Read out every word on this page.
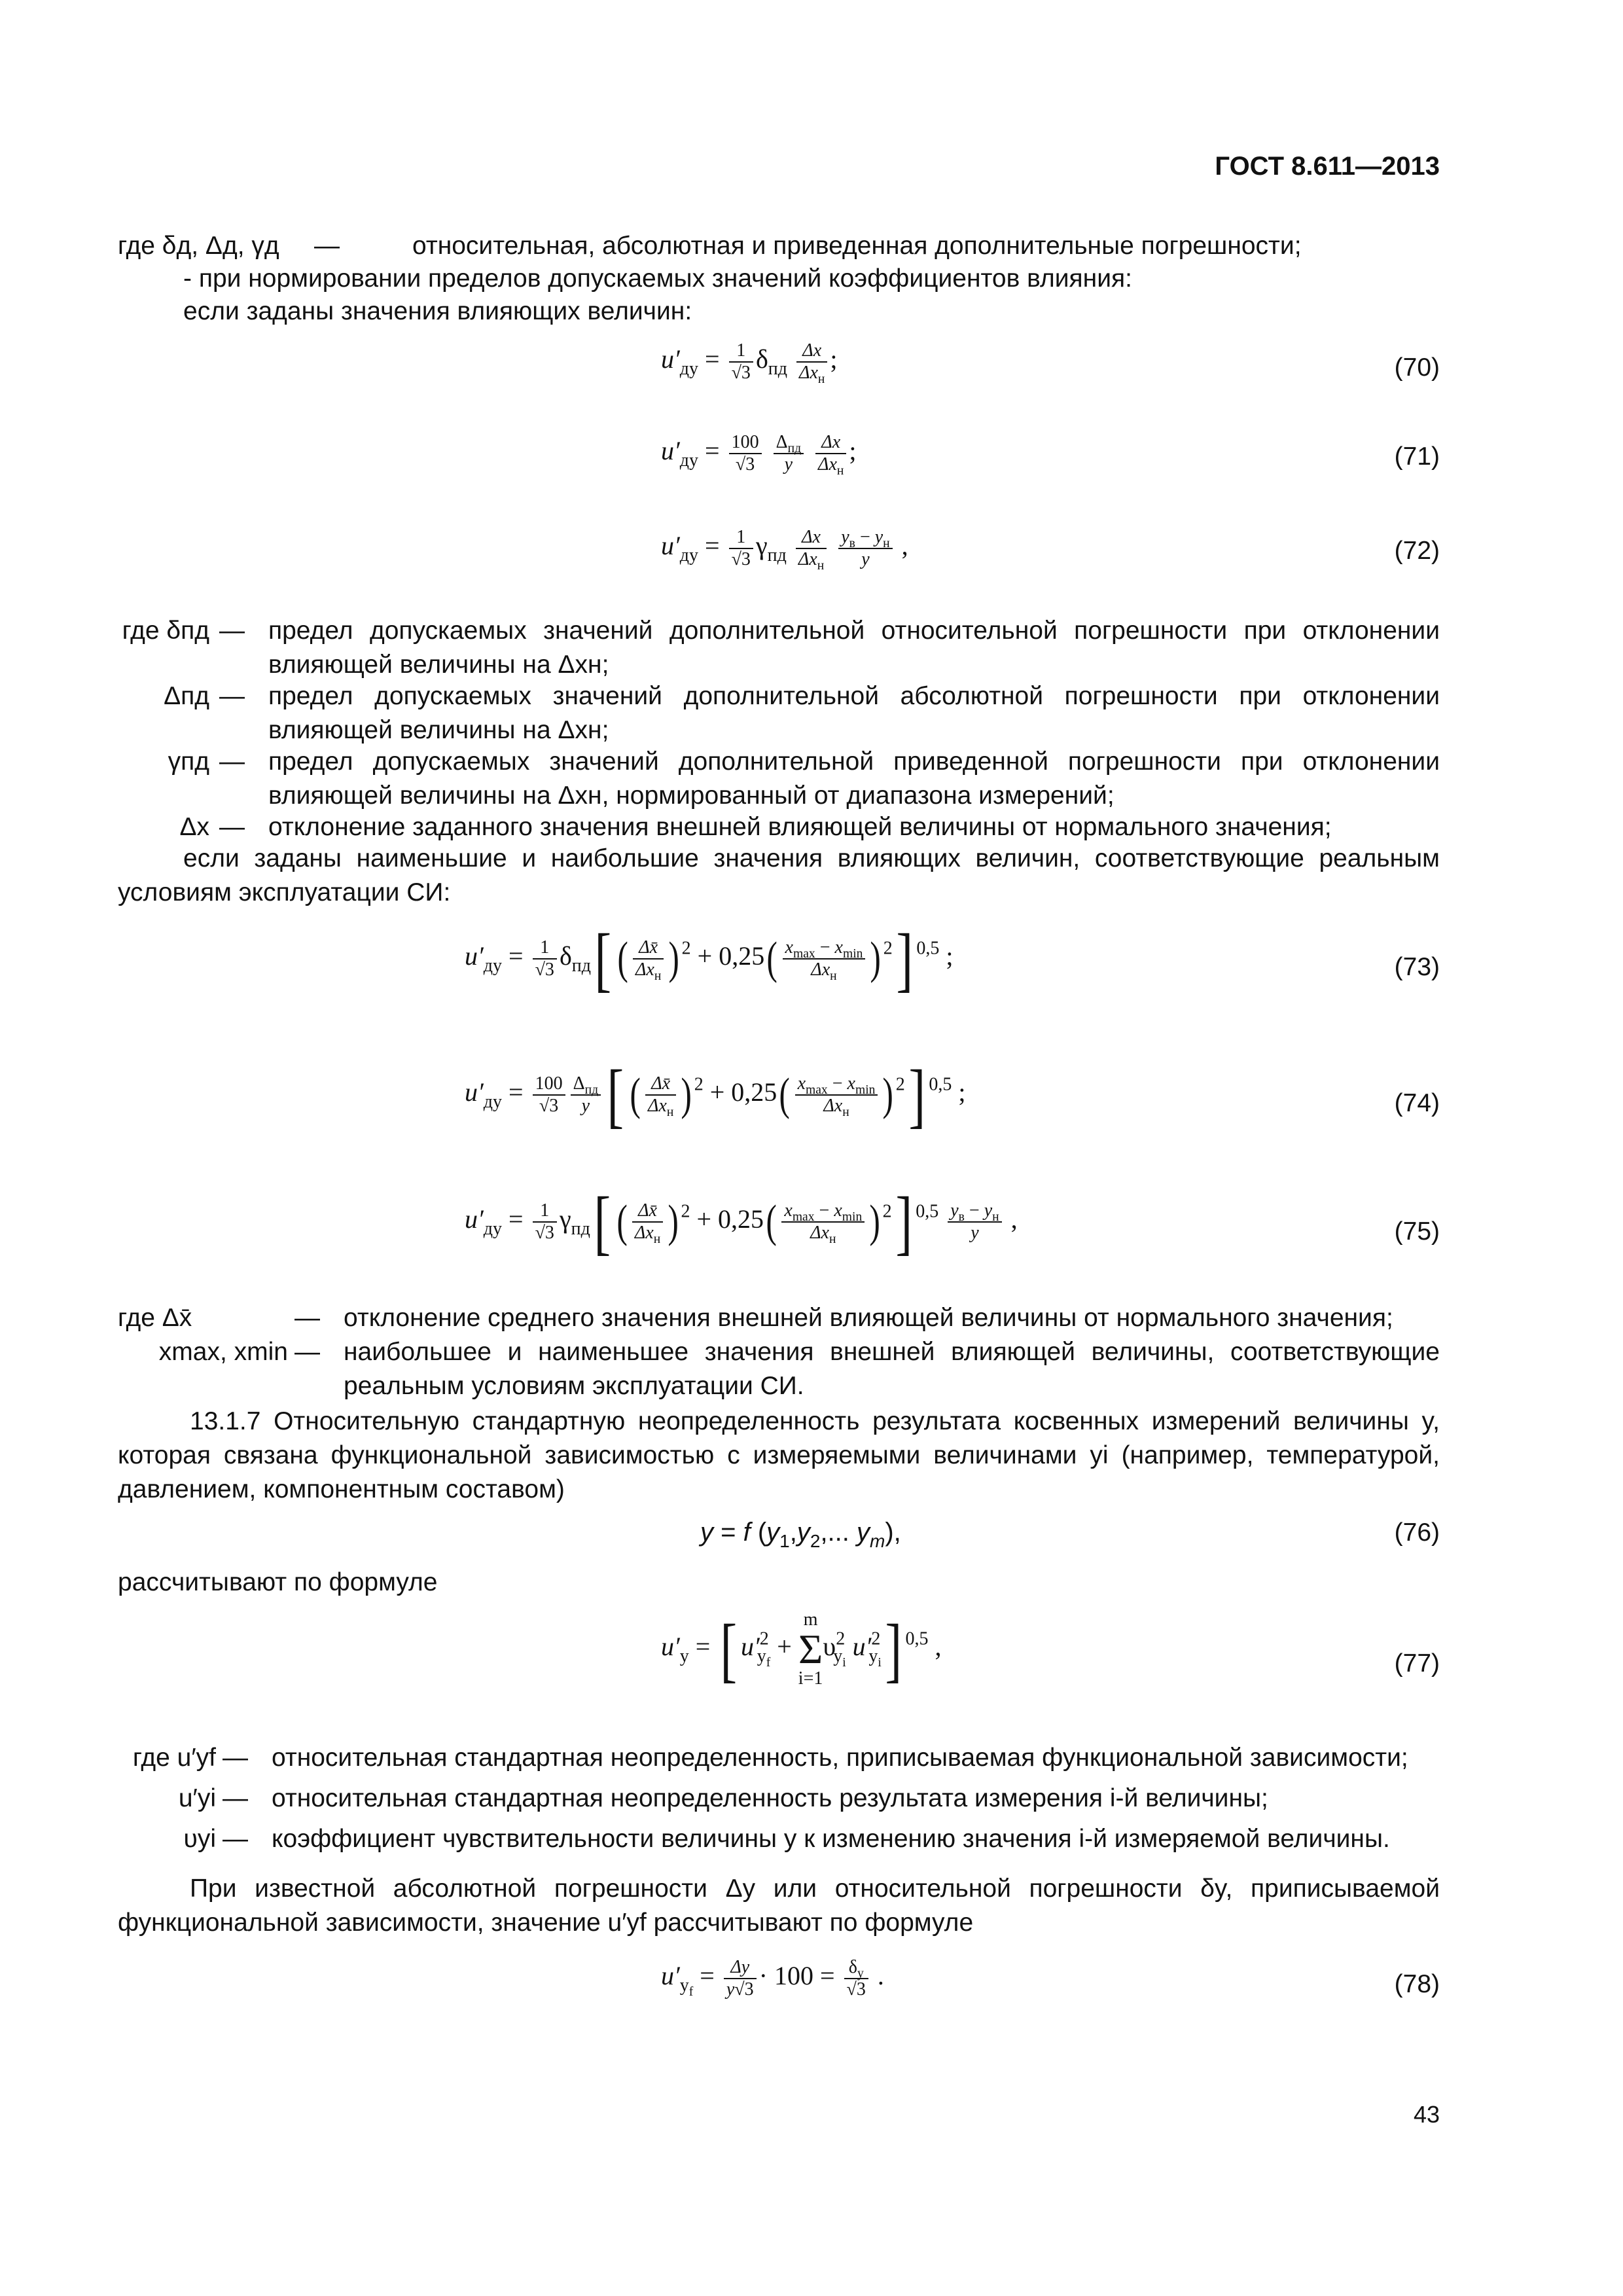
ГОСТ 8.611—2013
где δд, Δд, γд —	относительная, абсолютная и приведенная дополнительные погрешности;
- при нормировании пределов допускаемых значений коэффициентов влияния:
если заданы значения влияющих величин:
$u'_{ду} = \frac{1}{√3} \delta_{пд}$
Δx
$\Delta x_н$
;	(70)
$u'_{ду} = \frac{100}{√3}$
$\Delta_{пд}$
y

Δx
$\Delta x_н$
;	(71)
$u'_{ду} = \frac{1}{√3} \gamma_{пд}$
Δx
$\Delta x_н$

$y_в - y_н$
y ,	(72)
где δпд — предел допускаемых значений дополнительной относительной погрешности при отклонении влияющей величины на Δxн;
Δпд — предел допускаемых значений дополнительной абсолютной погрешности при отклонении влияющей величины на Δxн;
γпд — предел допускаемых значений дополнительной приведенной погрешности при отклонении влияющей величины на Δxн, нормированный от диапазона измерений;
Δx — отклонение заданного значения внешней влияющей величины от нормального значения;
если заданы наименьшие и наибольшие значения влияющих величин, соответствующие реальным условиям эксплуатации СИ:
$u'_{ду} = \frac{1}{√3} \delta_{пд}$[ ( Δx̄
$\Delta x_н$ ) $^2$ + 0,25( $x_{max} - x_{min}$
$\Delta x_н$ ) $^2$] $^{0,5}$ ;	(73)
$u'_{ду} = \frac{100}{√3} \Delta_{пд}$
y [ ( Δx̄
$\Delta x_н$ ) $^2$ + 0,25( $x_{max} - x_{min}$
$\Delta x_н$ ) $^2$] $^{0,5}$ ;	(74)
$u'_{ду} = \frac{1}{√3} \gamma_{пд}$[ ( Δx̄
$\Delta x_н$ ) $^2$ + 0,25( $x_{max} - x_{min}$
$\Delta x_н$ ) $^2$] $^{0,5}$ $y_в - y_н$
y ,	(75)
где Δx̄	— отклонение среднего значения внешней влияющей величины от нормального значения;
xmax, xmin — наибольшее и наименьшее значения внешней влияющей величины, соответствующие реальным условиям эксплуатации СИ.
13.1.7 Относительную стандартную неопределенность результата косвенных измерений величины y, которая связана функциональной зависимостью с измеряемыми величинами yi (например, температурой, давлением, компонентным составом)
y = f ($y_1,y_2$,... $y_m$),	(76)
рассчитывают по формуле
$u'_y$ = [ $u'^2_{y_f}$ +
m
Σ
i=1
$\upsilon^2_{y_i}$ $u'^2_{y_i}$] $^{0,5}$ ,
(77)
где u′yf — относительная стандартная неопределенность, приписываемая функциональной зависимости;
u′yi — относительная стандартная неопределенность результата измерения i-й величины;
υyi — коэффициент чувствительности величины y к изменению значения i-й измеряемой величины.
При известной абсолютной погрешности Δy или относительной погрешности δy, приписываемой функциональной зависимости, значение u′yf рассчитывают по формуле
$u'_{y_f} = \frac{\Delta y}{y√3} \cdot 100 = \frac{\delta_y}{√3}$ .	(78)
43
